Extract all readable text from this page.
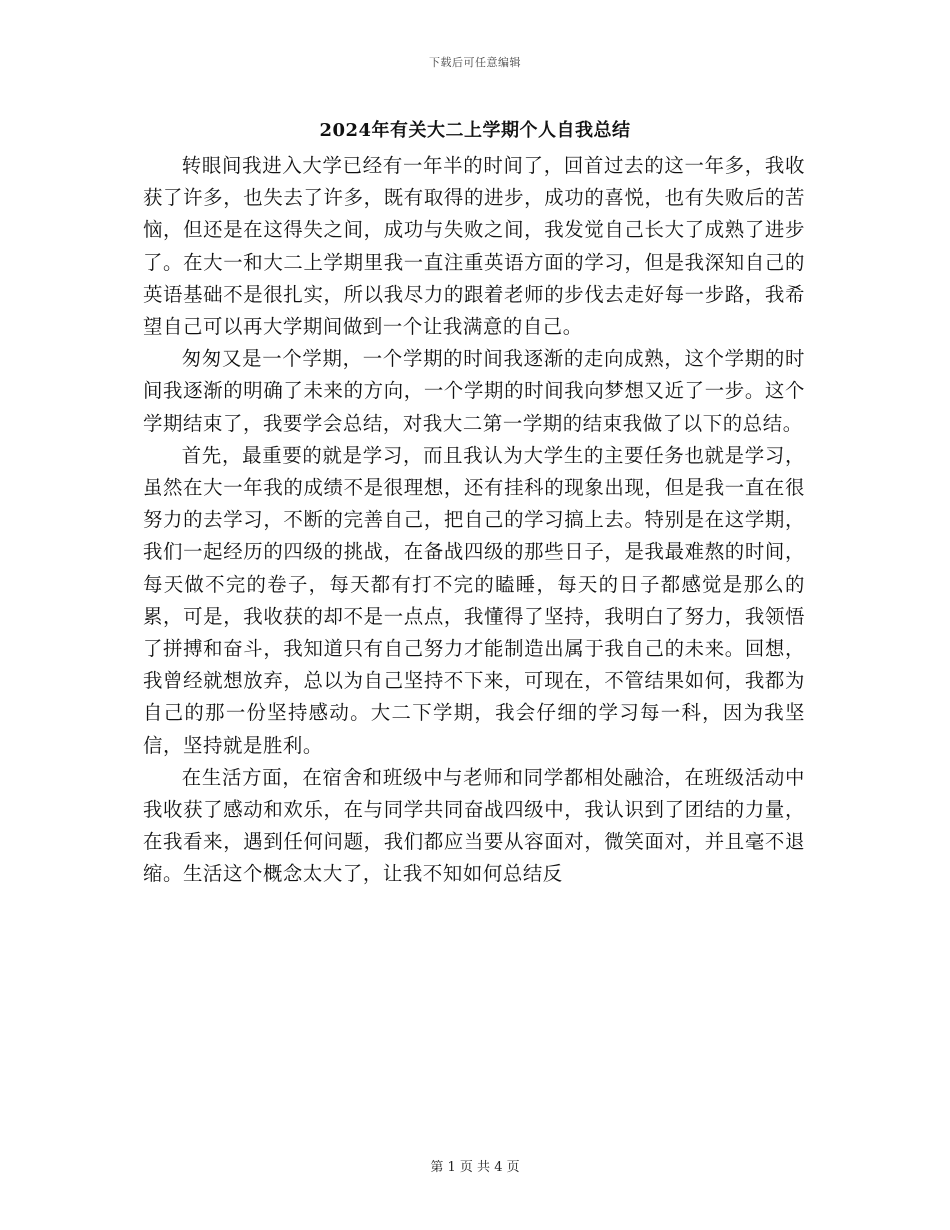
下载后可任意编辑
2024年有关大二上学期个人自我总结

转眼间我进入大学已经有一年半的时间了，回首过去的这一年多，我收获了许多，也失去了许多，既有取得的进步，成功的喜悦，也有失败后的苦恼，但还是在这得失之间，成功与失败之间，我发觉自己长大了成熟了进步了。在大一和大二上学期里我一直注重英语方面的学习，但是我深知自己的英语基础不是很扎实，所以我尽力的跟着老师的步伐去走好每一步路，我希望自己可以再大学期间做到一个让我满意的自己。

匆匆又是一个学期，一个学期的时间我逐渐的走向成熟，这个学期的时间我逐渐的明确了未来的方向，一个学期的时间我向梦想又近了一步。这个学期结束了，我要学会总结，对我大二第一学期的结束我做了以下的总结。

首先，最重要的就是学习，而且我认为大学生的主要任务也就是学习，虽然在大一年我的成绩不是很理想，还有挂科的现象出现，但是我一直在很努力的去学习，不断的完善自己，把自己的学习搞上去。特别是在这学期，我们一起经历的四级的挑战，在备战四级的那些日子，是我最难熬的时间，每天做不完的卷子，每天都有打不完的瞌睡，每天的日子都感觉是那么的累，可是，我收获的却不是一点点，我懂得了坚持，我明白了努力，我领悟了拼搏和奋斗，我知道只有自己努力才能制造出属于我自己的未来。回想，我曾经就想放弃，总以为自己坚持不下来，可现在，不管结果如何，我都为自己的那一份坚持感动。大二下学期，我会仔细的学习每一科，因为我坚信，坚持就是胜利。

在生活方面，在宿舍和班级中与老师和同学都相处融洽，在班级活动中我收获了感动和欢乐，在与同学共同奋战四级中，我认识到了团结的力量，在我看来，遇到任何问题，我们都应当要从容面对，微笑面对，并且毫不退缩。生活这个概念太大了，让我不知如何总结反

第 1 页 共 4 页
